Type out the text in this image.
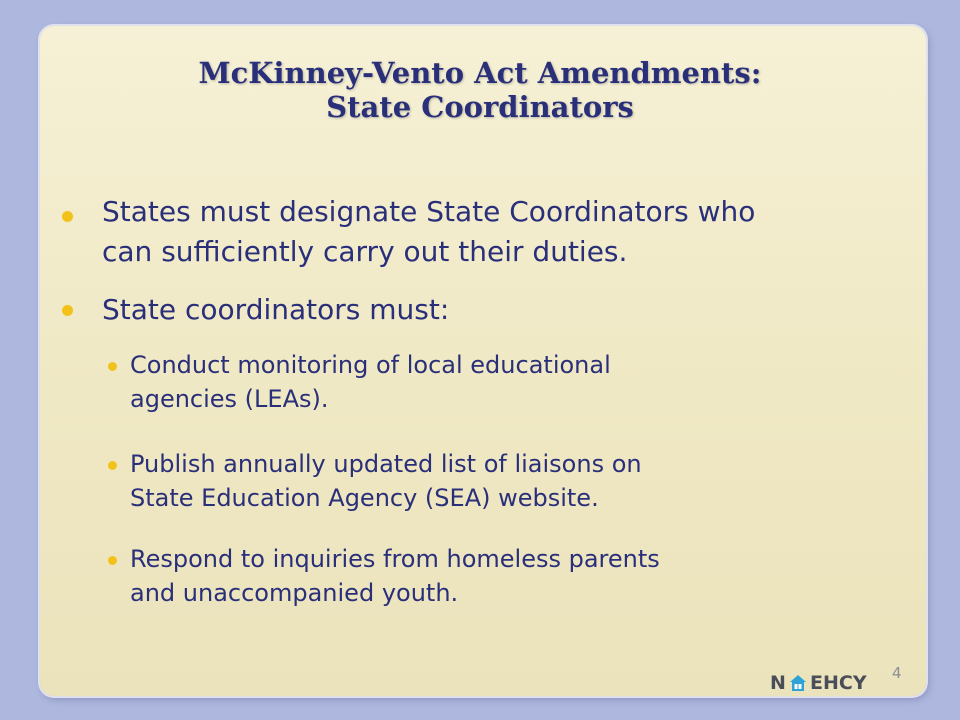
McKinney-Vento Act Amendments:
State Coordinators
States must designate State Coordinators who
can sufficiently carry out their duties.
State coordinators must:
Conduct monitoring of local educational
agencies (LEAs).
Publish annually updated list of liaisons on
State Education Agency (SEA) website.
Respond to inquiries from homeless parents
and unaccompanied youth.
4
N EHCY
